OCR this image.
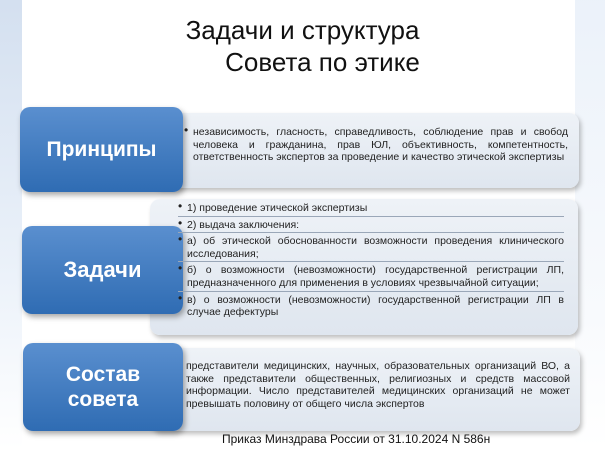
Задачи и структура
Совета по этике
Принципы
• независимость, гласность, справедливость, соблюдение прав и свобод человека и гражданина, прав ЮЛ, объективность, компетентность, ответственность экспертов за проведение и качество этической экспертизы
Задачи
• 1) проведение этической экспертизы
• 2) выдача заключения:
• а) об этической обоснованности возможности проведения клинического исследования;
• б) о возможности (невозможности) государственной регистрации ЛП, предназначенного для применения в условиях чрезвычайной ситуации;
• в) о возможности (невозможности) государственной регистрации ЛП в случае дефектуры
Состав
совета
представители медицинских, научных, образовательных организаций ВО, а также представители общественных, религиозных и средств массовой информации. Число представителей медицинских организаций не может превышать половину от общего числа экспертов
Приказ Минздрава России от 31.10.2024 N 586н
